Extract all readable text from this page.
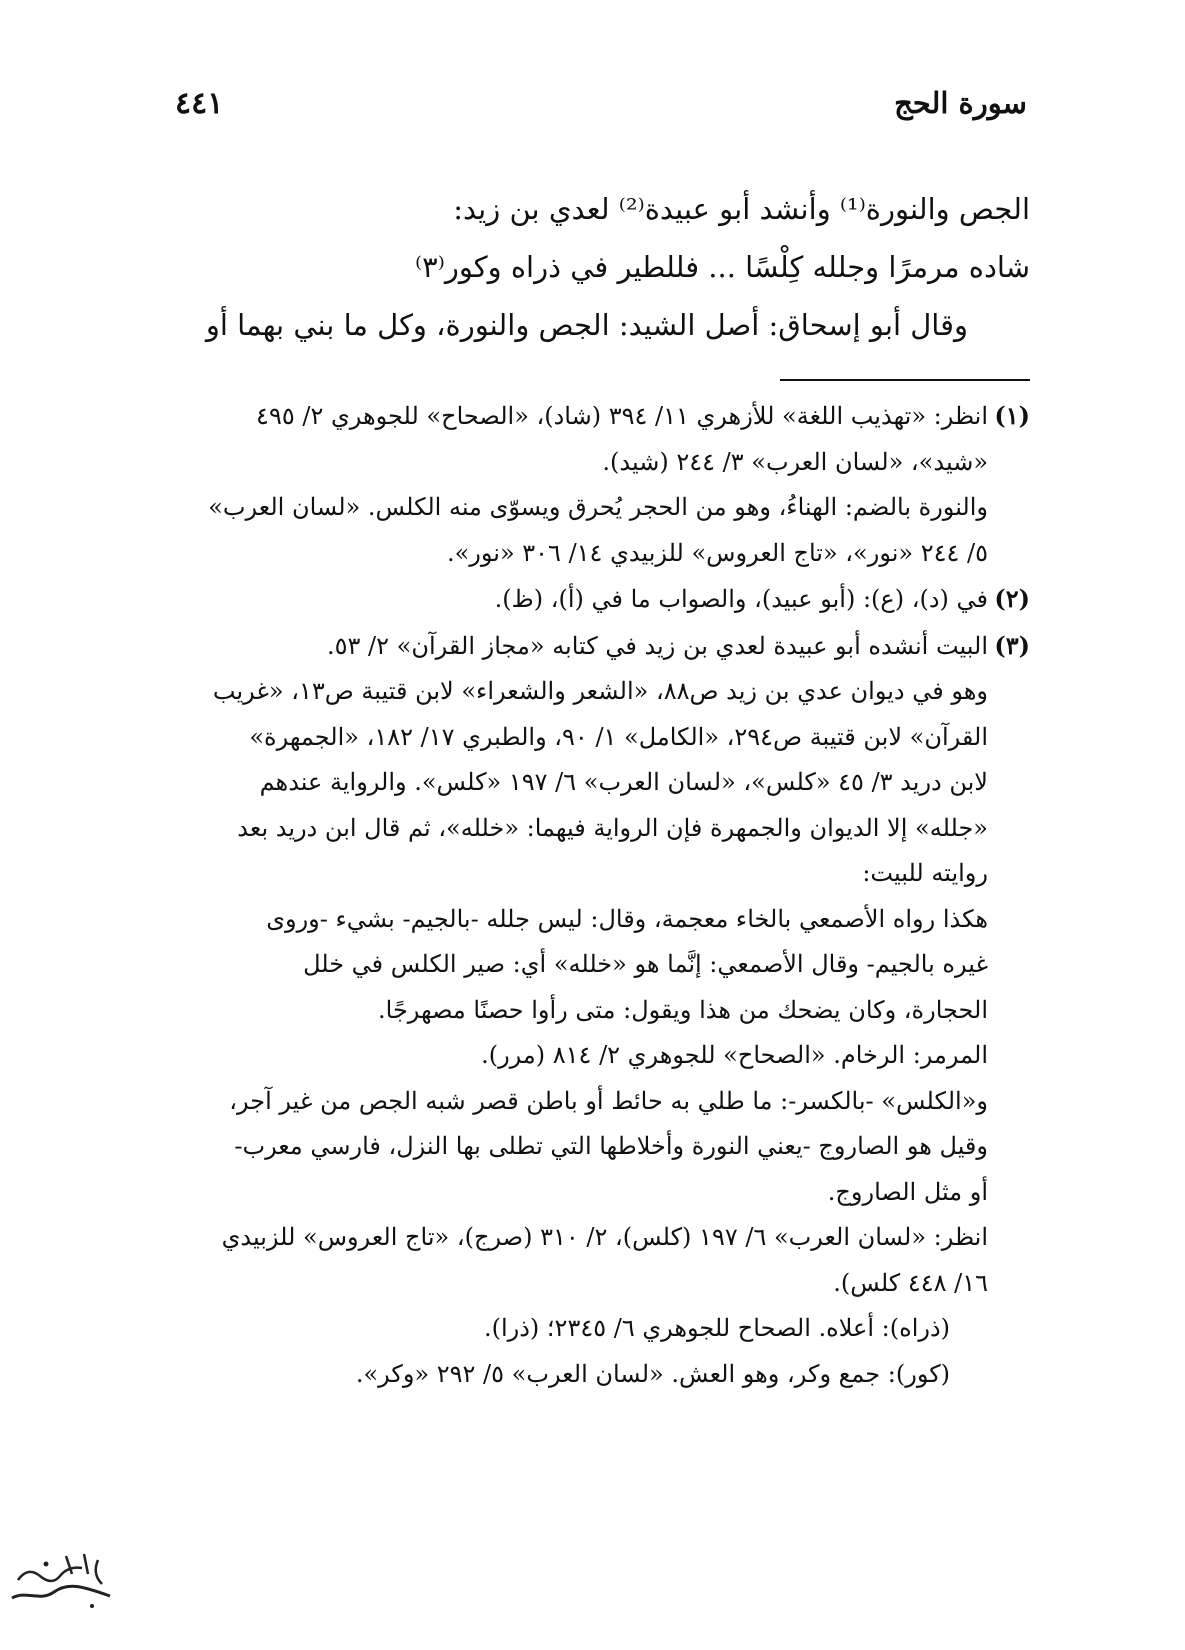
سورة الحج
٤٤١

الجص والنورة⁽¹⁾ وأنشد أبو عبيدة⁽²⁾ لعدي بن زيد:

شاده مرمرًا وجلله كِلْسًا ... فللطير في ذراه وكور⁽٣⁾

وقال أبو إسحاق: أصل الشيد: الجص والنورة، وكل ما بني بهما أو

(١)انظر: «تهذيب اللغة» للأزهري ١١/ ٣٩٤ (شاد)، «الصحاح» للجوهري ٢/ ٤٩٥

«شيد»، «لسان العرب» ٣/ ٢٤٤ (شيد).

والنورة بالضم: الهناءُ، وهو من الحجر يُحرق ويسوّى منه الكلس. «لسان العرب»

٥/ ٢٤٤ «نور»، «تاج العروس» للزبيدي ١٤/ ٣٠٦ «نور».

(٢)في (د)، (ع): (أبو عبيد)، والصواب ما في (أ)، (ظ).

(٣)البيت أنشده أبو عبيدة لعدي بن زيد في كتابه «مجاز القرآن» ٢/ ٥٣.

وهو في ديوان عدي بن زيد ص٨٨، «الشعر والشعراء» لابن قتيبة ص١٣، «غريب

القرآن» لابن قتيبة ص٢٩٤، «الكامل» ١/ ٩٠، والطبري ١٧/ ١٨٢، «الجمهرة»

لابن دريد ٣/ ٤٥ «كلس»، «لسان العرب» ٦/ ١٩٧ «كلس». والرواية عندهم

«جلله» إلا الديوان والجمهرة فإن الرواية فيهما: «خلله»، ثم قال ابن دريد بعد

روايته للبيت:

هكذا رواه الأصمعي بالخاء معجمة، وقال: ليس جلله -بالجيم- بشيء -وروى

غيره بالجيم- وقال الأصمعي: إنَّما هو «خلله» أي: صير الكلس في خلل

الحجارة، وكان يضحك من هذا ويقول: متى رأوا حصنًا مصهرجًا.

المرمر: الرخام. «الصحاح» للجوهري ٢/ ٨١٤ (مرر).

و«الكلس» -بالكسر-: ما طلي به حائط أو باطن قصر شبه الجص من غير آجر،

وقيل هو الصاروج -يعني النورة وأخلاطها التي تطلى بها النزل، فارسي معرب-

أو مثل الصاروج.

انظر: «لسان العرب» ٦/ ١٩٧ (كلس)، ٢/ ٣١٠ (صرج)، «تاج العروس» للزبيدي

١٦/ ٤٤٨ كلس).

(ذراه): أعلاه. الصحاح للجوهري ٦/ ٢٣٤٥؛ (ذرا).

(كور): جمع وكر، وهو العش. «لسان العرب» ٥/ ٢٩٢ «وكر».
